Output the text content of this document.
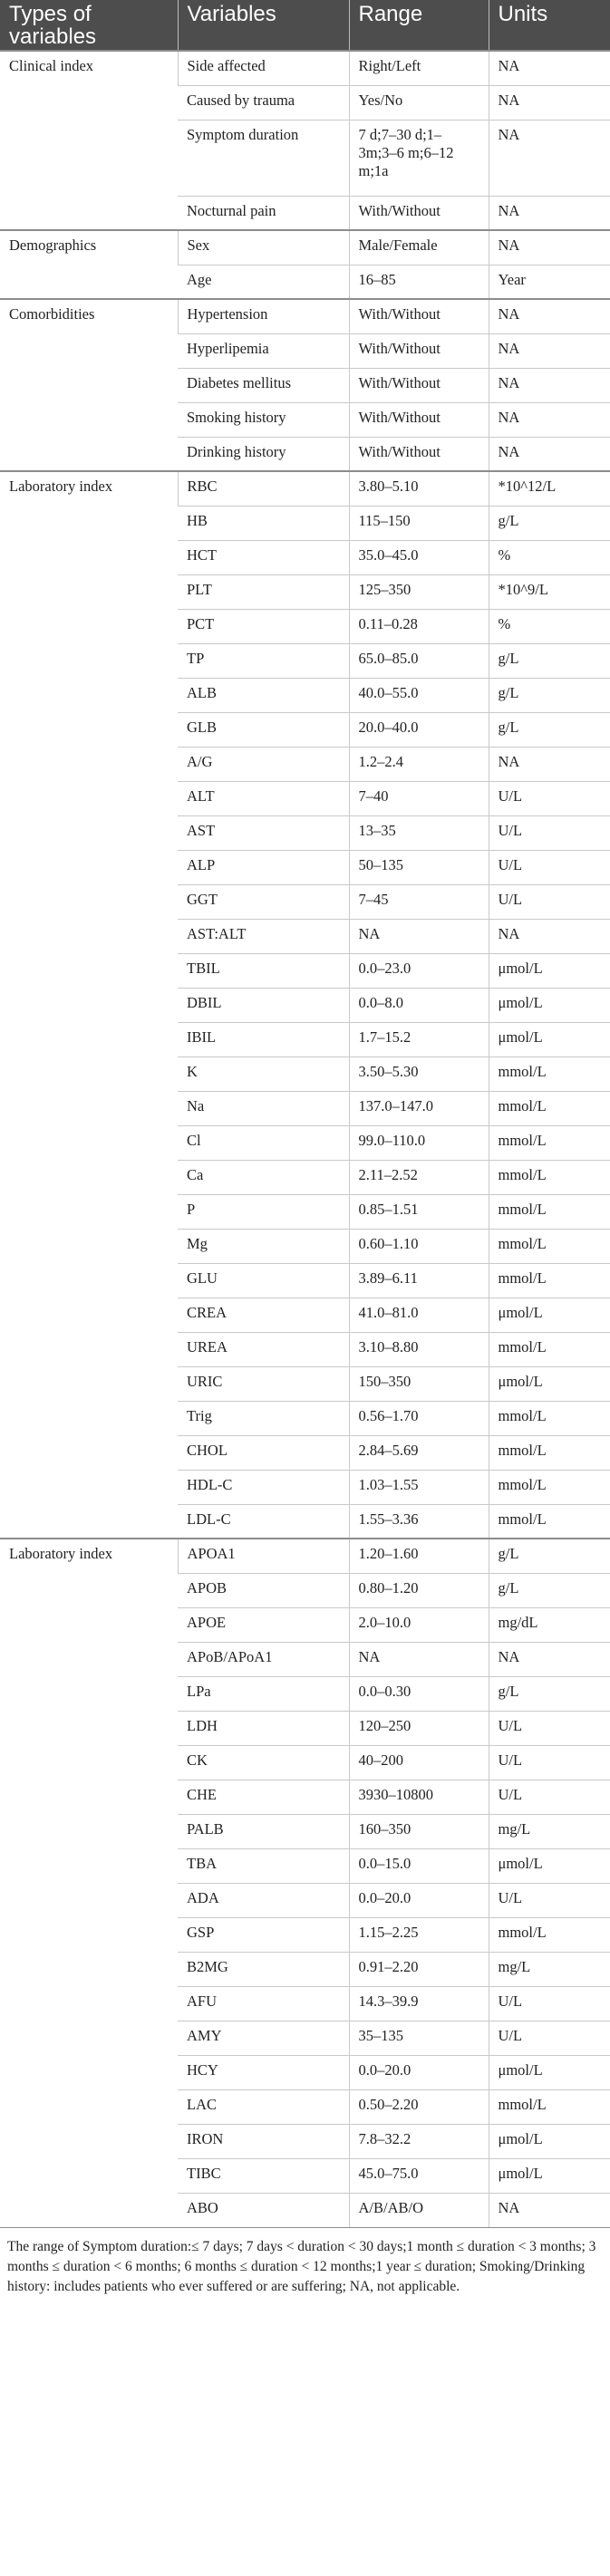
Types of variables	Variables	Range	Units
Clinical index	Side affected	Right/Left	NA
	Caused by trauma	Yes/No	NA
	Symptom duration	7 d;7–30 d;1–3m;3–6 m;6–12 m;1a	NA
	Nocturnal pain	With/Without	NA
Demographics	Sex	Male/Female	NA
	Age	16–85	Year
Comorbidities	Hypertension	With/Without	NA
	Hyperlipemia	With/Without	NA
	Diabetes mellitus	With/Without	NA
	Smoking history	With/Without	NA
	Drinking history	With/Without	NA
Laboratory index	RBC	3.80–5.10	*10^12/L
	HB	115–150	g/L
	HCT	35.0–45.0	%
	PLT	125–350	*10^9/L
	PCT	0.11–0.28	%
	TP	65.0–85.0	g/L
	ALB	40.0–55.0	g/L
	GLB	20.0–40.0	g/L
	A/G	1.2–2.4	NA
	ALT	7–40	U/L
	AST	13–35	U/L
	ALP	50–135	U/L
	GGT	7–45	U/L
	AST:ALT	NA	NA
	TBIL	0.0–23.0	μmol/L
	DBIL	0.0–8.0	μmol/L
	IBIL	1.7–15.2	μmol/L
	K	3.50–5.30	mmol/L
	Na	137.0–147.0	mmol/L
	Cl	99.0–110.0	mmol/L
	Ca	2.11–2.52	mmol/L
	P	0.85–1.51	mmol/L
	Mg	0.60–1.10	mmol/L
	GLU	3.89–6.11	mmol/L
	CREA	41.0–81.0	μmol/L
	UREA	3.10–8.80	mmol/L
	URIC	150–350	μmol/L
	Trig	0.56–1.70	mmol/L
	CHOL	2.84–5.69	mmol/L
	HDL-C	1.03–1.55	mmol/L
	LDL-C	1.55–3.36	mmol/L
Laboratory index	APOA1	1.20–1.60	g/L
	APOB	0.80–1.20	g/L
	APOE	2.0–10.0	mg/dL
	APoB/APoA1	NA	NA
	LPa	0.0–0.30	g/L
	LDH	120–250	U/L
	CK	40–200	U/L
	CHE	3930–10800	U/L
	PALB	160–350	mg/L
	TBA	0.0–15.0	μmol/L
	ADA	0.0–20.0	U/L
	GSP	1.15–2.25	mmol/L
	B2MG	0.91–2.20	mg/L
	AFU	14.3–39.9	U/L
	AMY	35–135	U/L
	HCY	0.0–20.0	μmol/L
	LAC	0.50–2.20	mmol/L
	IRON	7.8–32.2	μmol/L
	TIBC	45.0–75.0	μmol/L
	ABO	A/B/AB/O	NA

The range of Symptom duration:≤ 7 days; 7 days < duration < 30 days;1 month ≤ duration < 3 months; 3 months ≤ duration < 6 months; 6 months ≤ duration < 12 months;1 year ≤ duration; Smoking/Drinking history: includes patients who ever suffered or are suffering; NA, not applicable.
